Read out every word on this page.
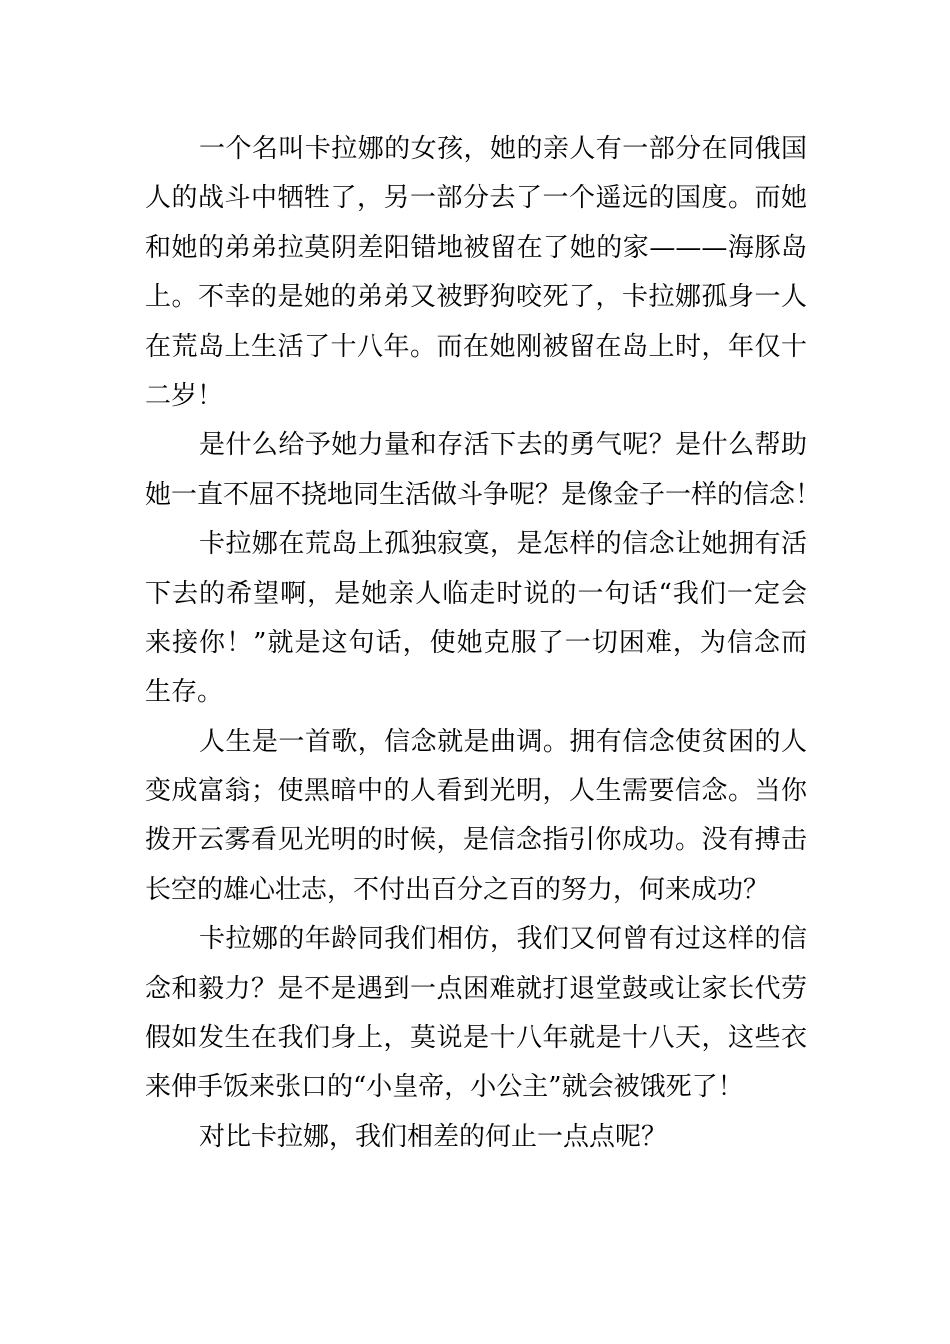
一个名叫卡拉娜的女孩，她的亲人有一部分在同俄国
人的战斗中牺牲了，另一部分去了一个遥远的国度。而她
和她的弟弟拉莫阴差阳错地被留在了她的家———海豚岛
上。不幸的是她的弟弟又被野狗咬死了，卡拉娜孤身一人
在荒岛上生活了十八年。而在她刚被留在岛上时，年仅十
二岁！
是什么给予她力量和存活下去的勇气呢？是什么帮助
她一直不屈不挠地同生活做斗争呢？是像金子一样的信念！
卡拉娜在荒岛上孤独寂寞，是怎样的信念让她拥有活
下去的希望啊，是她亲人临走时说的一句话“我们一定会
来接你！”就是这句话，使她克服了一切困难，为信念而
生存。
人生是一首歌，信念就是曲调。拥有信念使贫困的人
变成富翁；使黑暗中的人看到光明，人生需要信念。当你
拨开云雾看见光明的时候，是信念指引你成功。没有搏击
长空的雄心壮志，不付出百分之百的努力，何来成功？
卡拉娜的年龄同我们相仿，我们又何曾有过这样的信
念和毅力？是不是遇到一点困难就打退堂鼓或让家长代劳
假如发生在我们身上，莫说是十八年就是十八天，这些衣
来伸手饭来张口的“小皇帝，小公主”就会被饿死了！
对比卡拉娜，我们相差的何止一点点呢？
